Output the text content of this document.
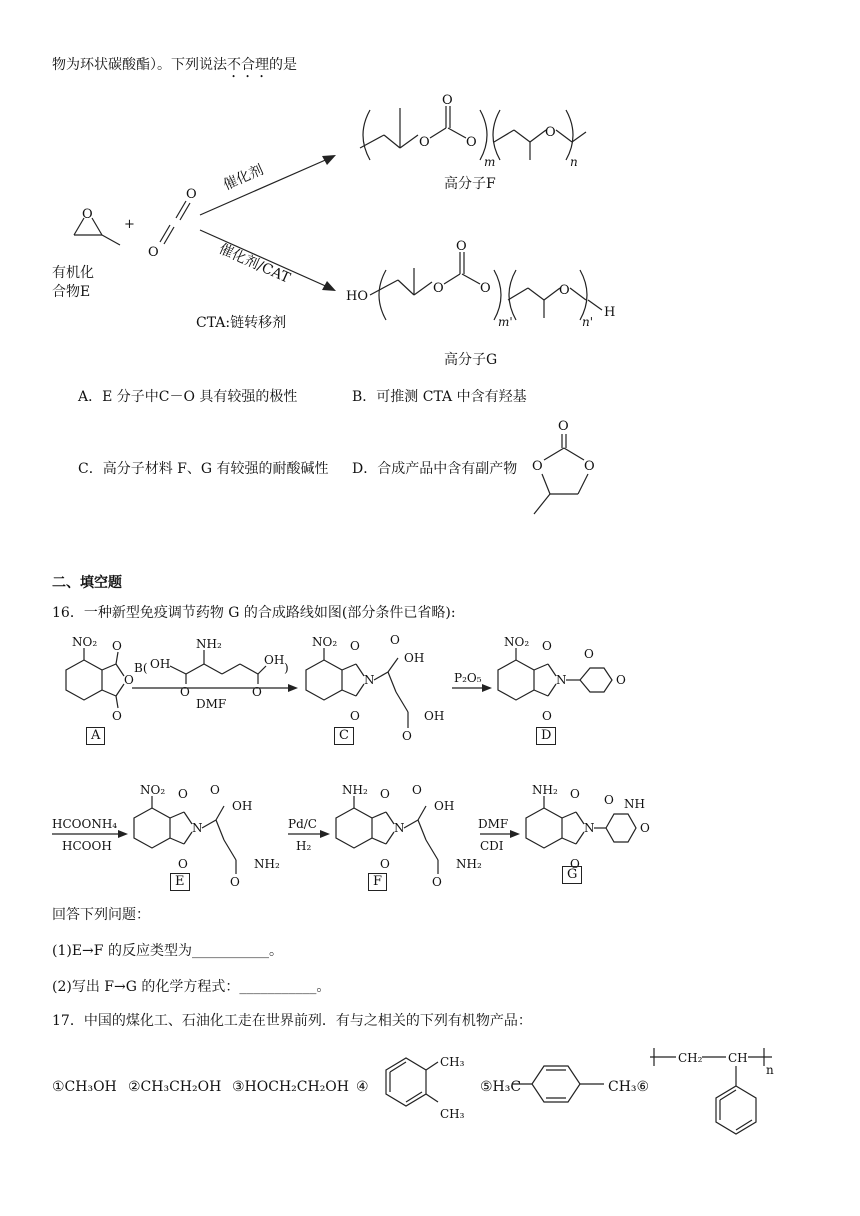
物为环状碳酸酯）。下列说法不合理的是
O
+
O
O
催化剂
催化剂/CAT
O
O
O
m
O
n
高分子F
HO
O
O
O
m'
O
n'
H
高分子G
有机化
合物E
CTA:链转移剂
A．E 分子中C－O 具有较强的极性	B．可推测 CTA 中含有羟基
C．高分子材料 F、G 有较强的耐酸碱性 D．合成产品中含有副产物
O
O	O
二、填空题
16．一种新型免疫调节药物 G 的合成路线如图(部分条件已省略):
NO₂
O
O
O
B( OH
O
NH₂
O
OH
)
DMF
NO₂
N
O
O
O
OH
O
OH
P₂O₅
NO₂
N
O
O
O
O
HCOONH₄
HCOOH
NO₂
N
O
O
O
OH
O
NH₂
Pd/C
H₂
NH₂
N
O
O
O
OH
O
NH₂
DMF
CDI
NH₂
N
O
O
O NH
O
A	C	D
E	F	G
回答下列问题：
(1)E→F 的反应类型为___________。
(2)写出 F→G 的化学方程式：___________。
17．中国的煤化工、石油化工走在世界前列．有与之相关的下列有机物产品：
①CH₃OH ②CH₃CH₂OH ③HOCH₂CH₂OH ④	⑤H₃C	CH₃⑥
CH₃
CH₃
CH₂ CH
n
